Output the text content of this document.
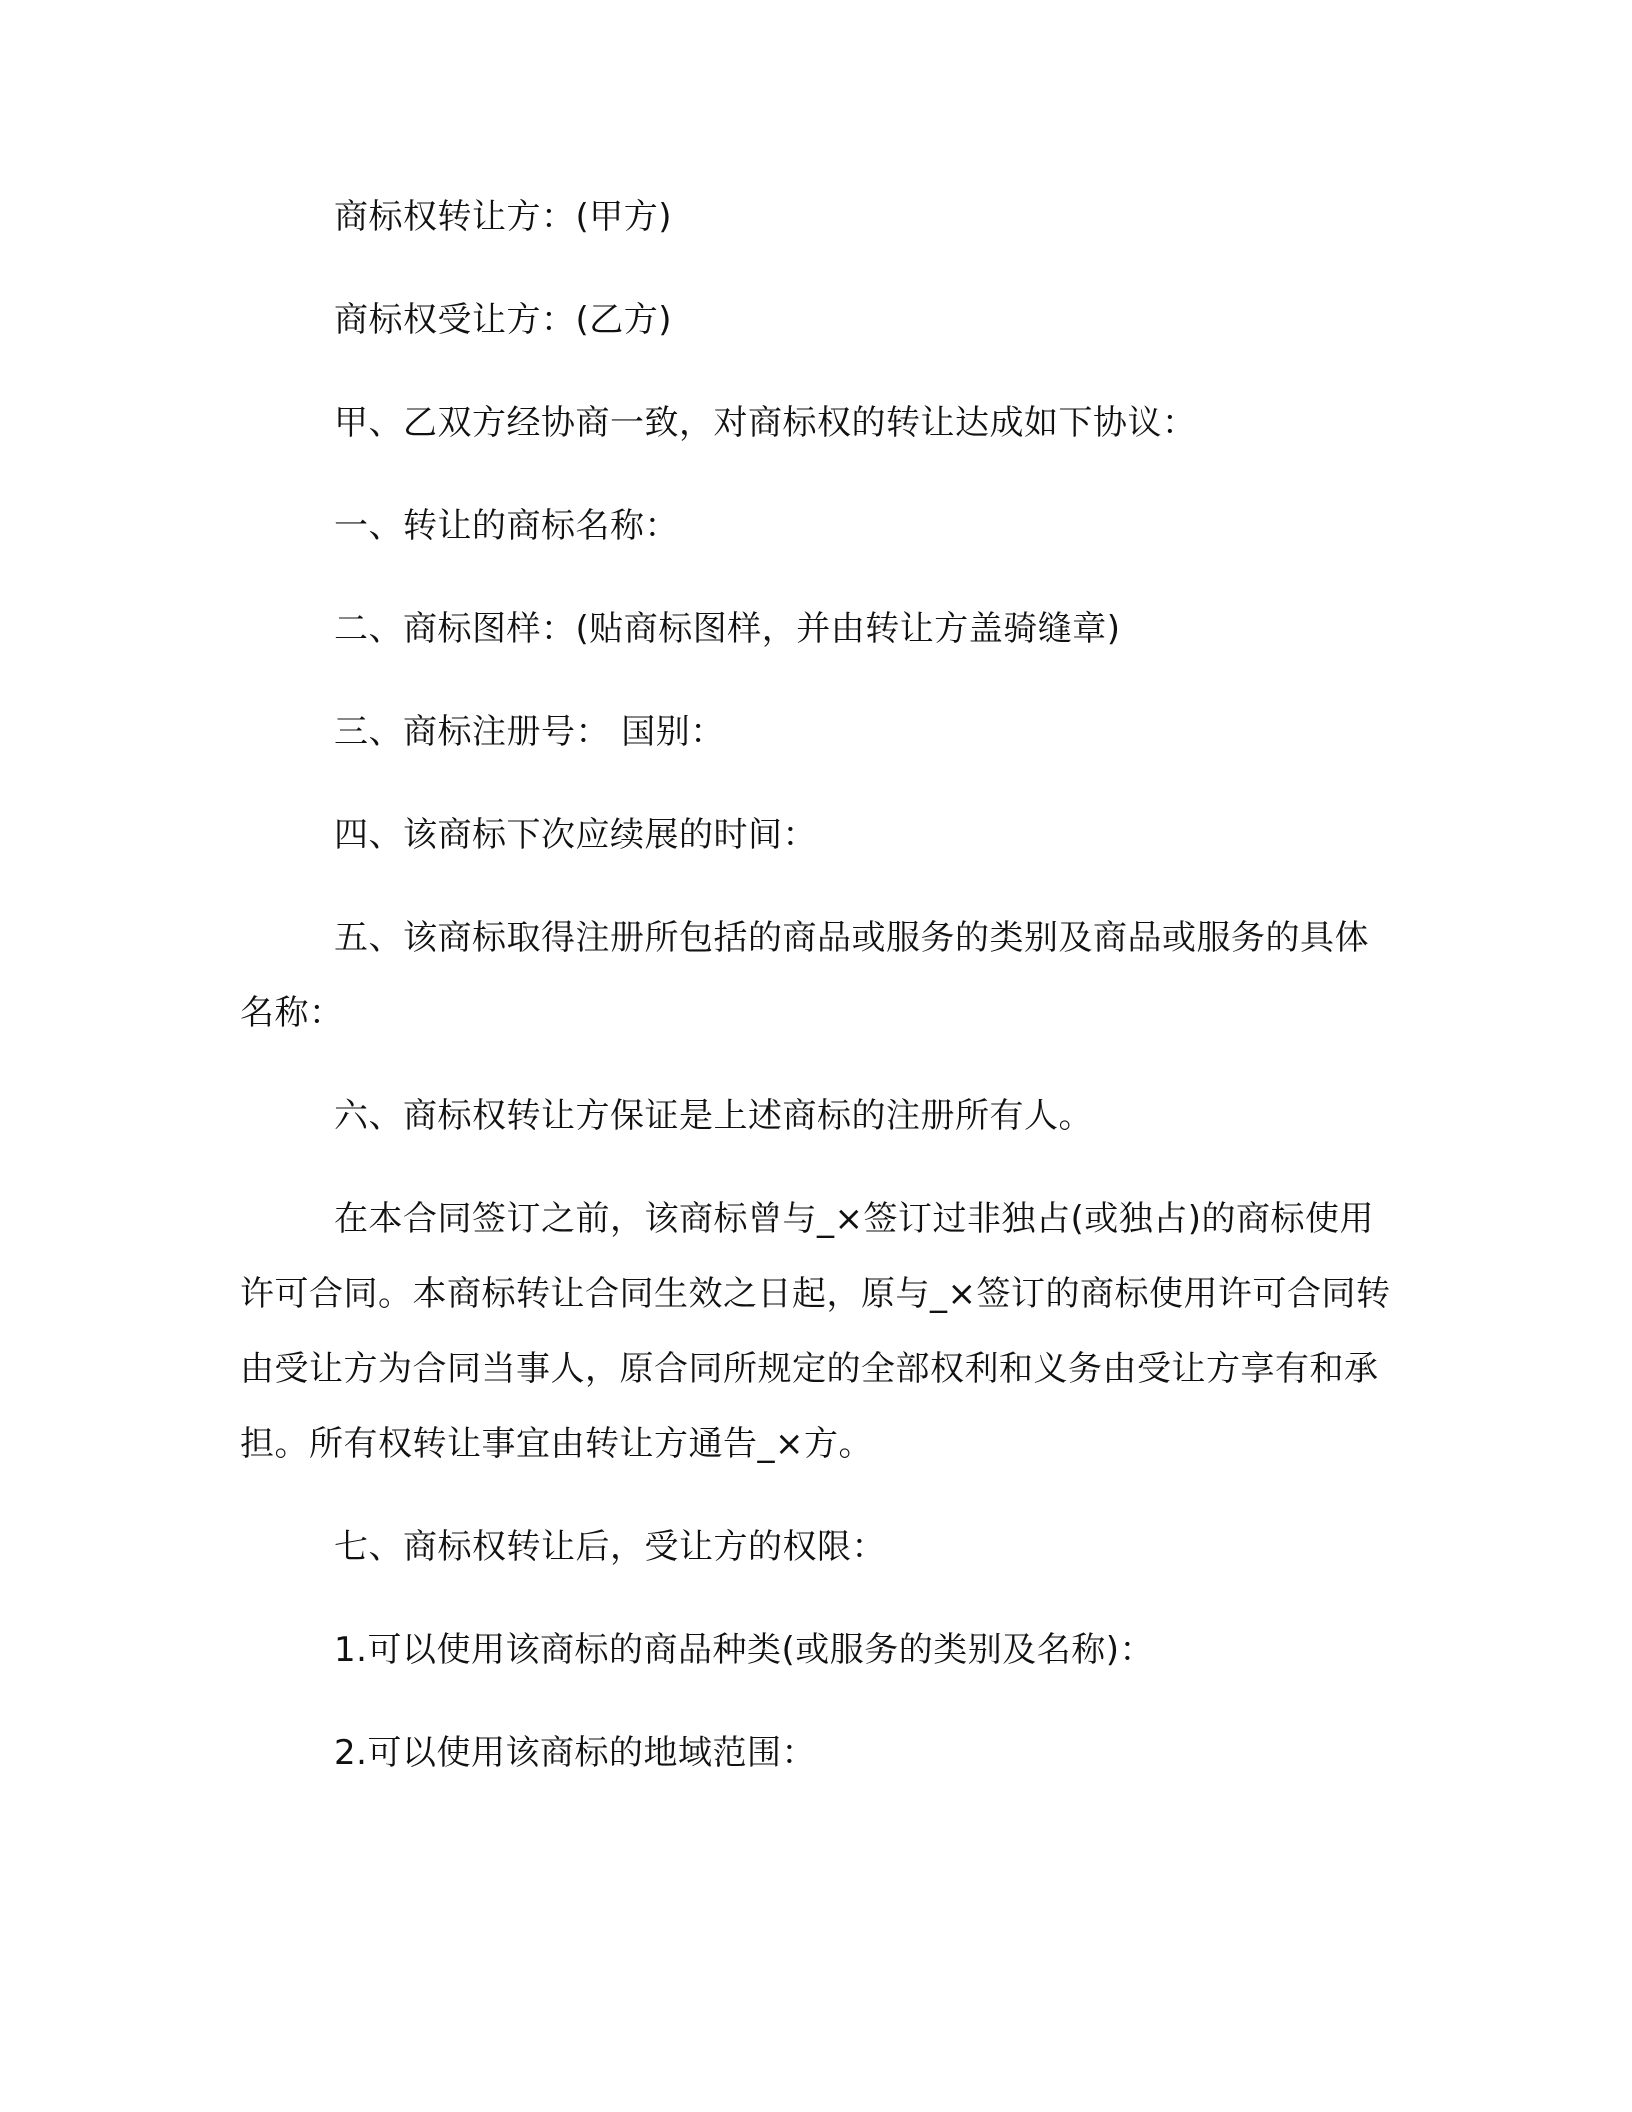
商标权转让方：(甲方)

商标权受让方：(乙方)

甲、乙双方经协商一致，对商标权的转让达成如下协议：

一、转让的商标名称：

二、商标图样：(贴商标图样，并由转让方盖骑缝章)

三、商标注册号： 国别：

四、该商标下次应续展的时间：

五、该商标取得注册所包括的商品或服务的类别及商品或服务的具体名称：

六、商标权转让方保证是上述商标的注册所有人。

在本合同签订之前，该商标曾与_×签订过非独占(或独占)的商标使用许可合同。本商标转让合同生效之日起，原与_×签订的商标使用许可合同转由受让方为合同当事人，原合同所规定的全部权利和义务由受让方享有和承担。所有权转让事宜由转让方通告_×方。

七、商标权转让后，受让方的权限：

1.可以使用该商标的商品种类(或服务的类别及名称)：

2.可以使用该商标的地域范围：
